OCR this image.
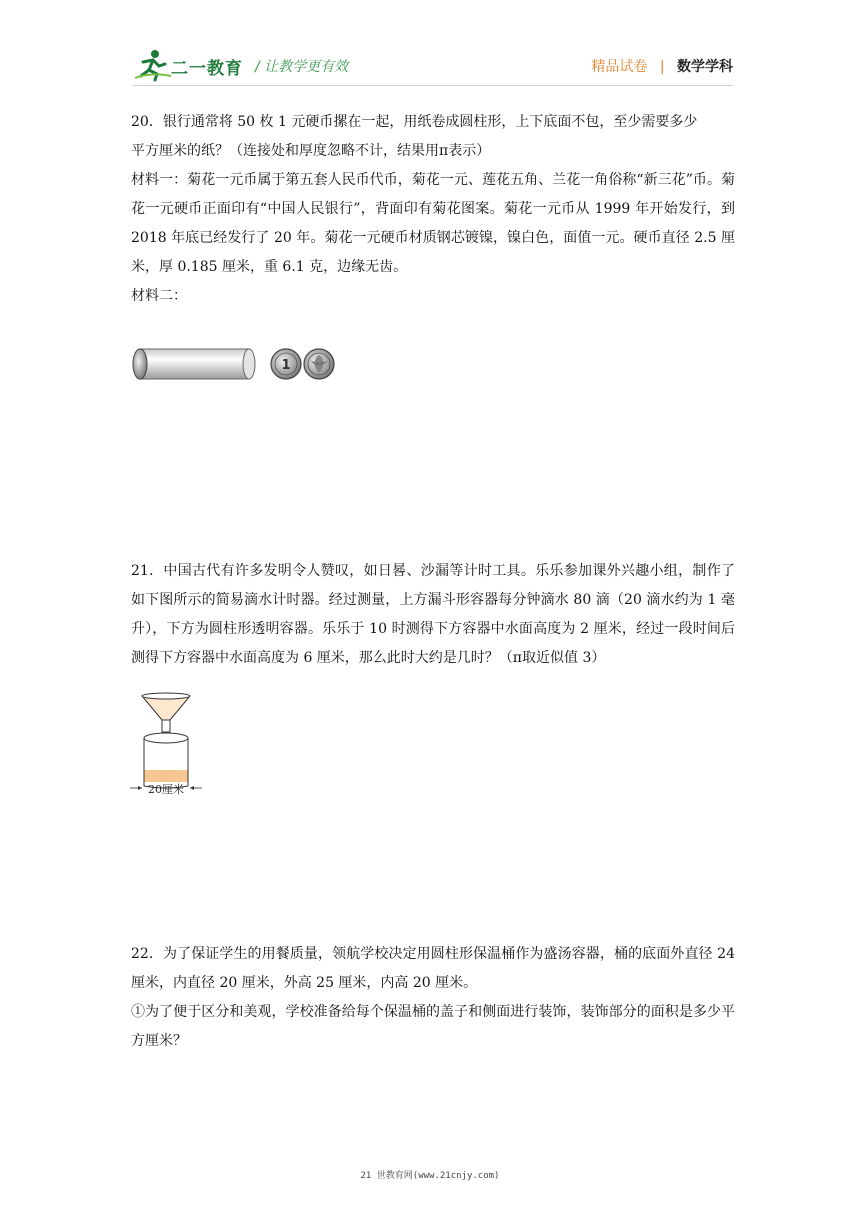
二一教育 / 让教学更有效	精品试卷 | 数学学科

20．银行通常将 50 枚 1 元硬币摞在一起，用纸卷成圆柱形，上下底面不包，至少需要多少

平方厘米的纸？（连接处和厚度忽略不计，结果用π表示）

材料一：菊花一元币属于第五套人民币代币，菊花一元、莲花五角、兰花一角俗称“新三花”币。菊花一元硬币正面印有“中国人民银行”，背面印有菊花图案。菊花一元币从 1999 年开始发行，到 2018 年底已经发行了 20 年。菊花一元硬币材质钢芯镀镍，镍白色，面值一元。硬币直径 2.5 厘米，厚 0.185 厘米，重 6.1 克，边缘无齿。

材料二：

1

21．中国古代有许多发明令人赞叹，如日晷、沙漏等计时工具。乐乐参加课外兴趣小组，制作了如下图所示的简易滴水计时器。经过测量，上方漏斗形容器每分钟滴水 80 滴（20 滴水约为 1 毫升），下方为圆柱形透明容器。乐乐于 10 时测得下方容器中水面高度为 2 厘米，经过一段时间后测得下方容器中水面高度为 6 厘米，那么此时大约是几时？（π取近似值 3）

20厘米

22．为了保证学生的用餐质量，领航学校决定用圆柱形保温桶作为盛汤容器，桶的底面外直径 24 厘米，内直径 20 厘米，外高 25 厘米，内高 20 厘米。

①为了便于区分和美观，学校准备给每个保温桶的盖子和侧面进行装饰，装饰部分的面积是多少平方厘米？

21 世教育网(www.21cnjy.com)
